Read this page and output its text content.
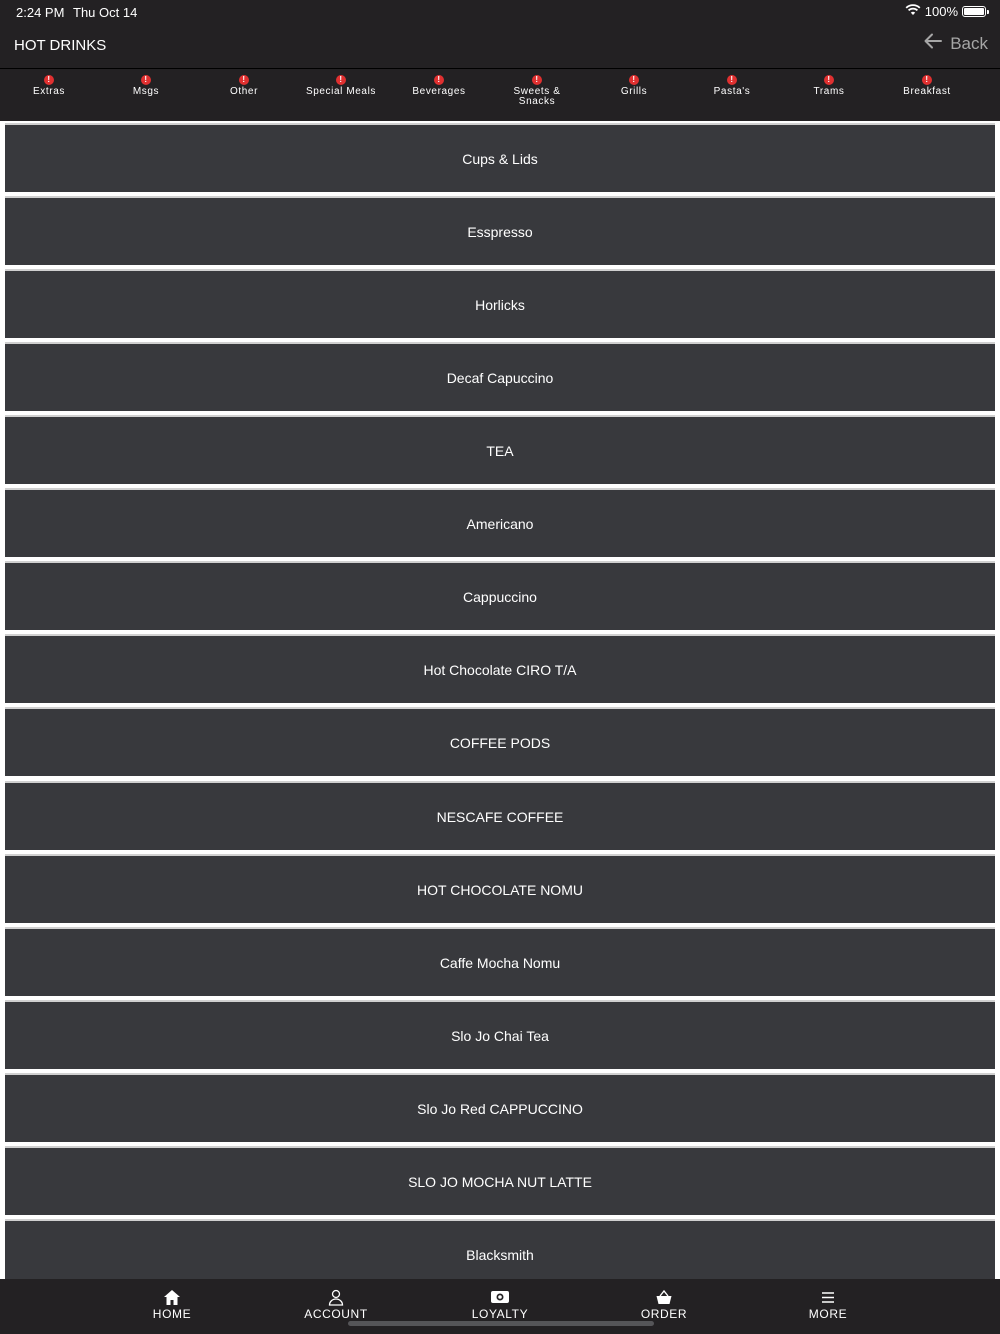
2:24 PM Thu Oct 14	100%
HOT DRINKS	Back
!
Extras
!
Msgs
!
Other
!
Special Meals
!
Beverages
!
Sweets & Snacks
!
Grills
!
Pasta's
!
Trams
!
Breakfast
Cups & Lids
Esspresso
Horlicks
Decaf Capuccino
TEA
Americano
Cappuccino
Hot Chocolate CIRO T/A
COFFEE PODS
NESCAFE COFFEE
HOT CHOCOLATE NOMU
Caffe Mocha Nomu
Slo Jo Chai Tea
Slo Jo Red CAPPUCCINO
SLO JO MOCHA NUT LATTE
Blacksmith
HOME	ACCOUNT	LOYALTY	ORDER	MORE
